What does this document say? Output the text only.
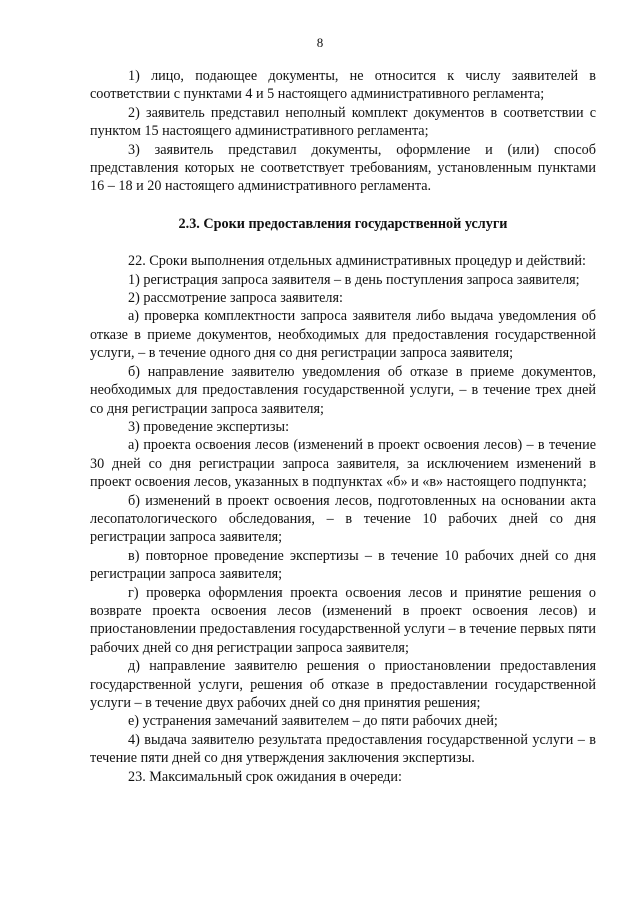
8

1) лицо, подающее документы, не относится к числу заявителей в соответствии с пунктами 4 и 5 настоящего административного регламента;

2) заявитель представил неполный комплект документов в соответствии с пунктом 15 настоящего административного регламента;

3) заявитель представил документы, оформление и (или) способ представления которых не соответствует требованиям, установленным пунктами 16 – 18 и 20 настоящего административного регламента.

2.3. Сроки предоставления государственной услуги

22. Сроки выполнения отдельных административных процедур и действий:

1) регистрация запроса заявителя – в день поступления запроса заявителя;

2) рассмотрение запроса заявителя:

а) проверка комплектности запроса заявителя либо выдача уведомления об отказе в приеме документов, необходимых для предоставления государственной услуги, – в течение одного дня со дня регистрации запроса заявителя;

б) направление заявителю уведомления об отказе в приеме документов, необходимых для предоставления государственной услуги, – в течение трех дней со дня регистрации запроса заявителя;

3) проведение экспертизы:

а) проекта освоения лесов (изменений в проект освоения лесов) – в течение 30 дней со дня регистрации запроса заявителя, за исключением изменений в проект освоения лесов, указанных в подпунктах «б» и «в» настоящего подпункта;

б) изменений в проект освоения лесов, подготовленных на основании акта лесопатологического обследования, – в течение 10 рабочих дней со дня регистрации запроса заявителя;

в) повторное проведение экспертизы – в течение 10 рабочих дней со дня регистрации запроса заявителя;

г) проверка оформления проекта освоения лесов и принятие решения о возврате проекта освоения лесов (изменений в проект освоения лесов) и приостановлении предоставления государственной услуги – в течение первых пяти рабочих дней со дня регистрации запроса заявителя;

д) направление заявителю решения о приостановлении предоставления государственной услуги, решения об отказе в предоставлении государственной услуги – в течение двух рабочих дней со дня принятия решения;

е) устранения замечаний заявителем – до пяти рабочих дней;

4) выдача заявителю результата предоставления государственной услуги – в течение пяти дней со дня утверждения заключения экспертизы.

23. Максимальный срок ожидания в очереди:
